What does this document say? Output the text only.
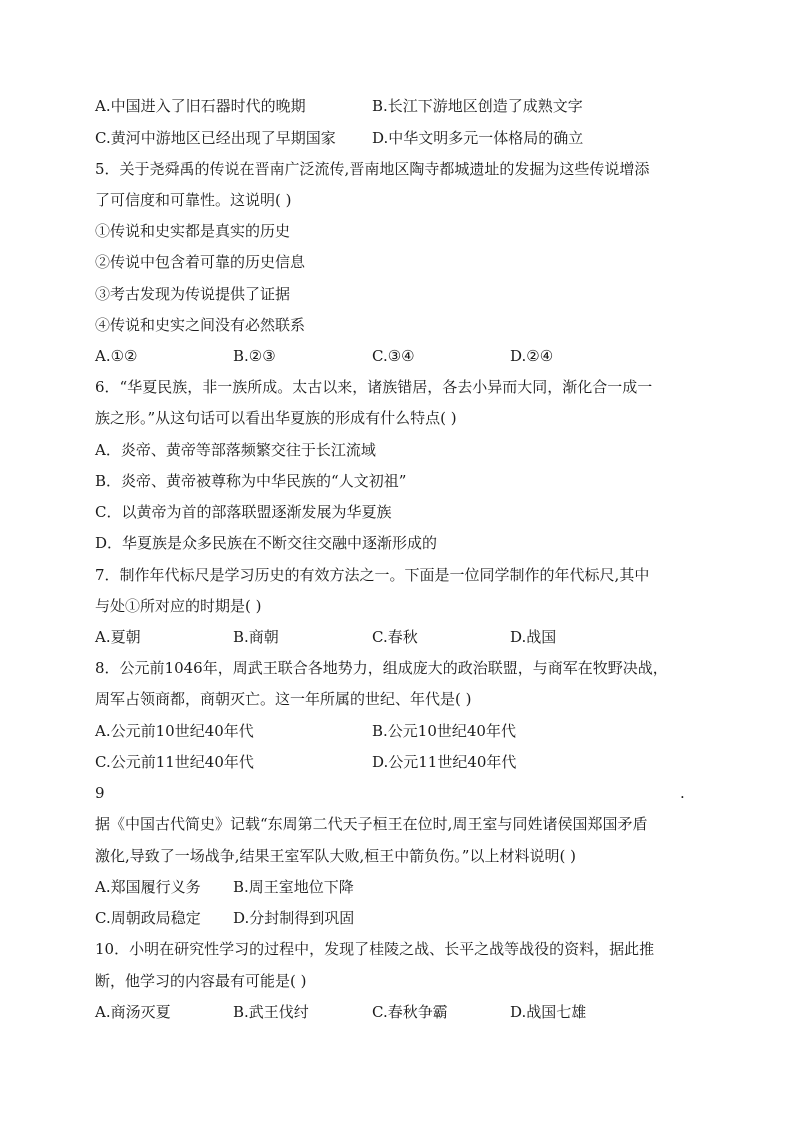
A.中国进入了旧石器时代的晚期	B.长江下游地区创造了成熟文字
C.黄河中游地区已经出现了早期国家 D.中华文明多元一体格局的确立
5．关于尧舜禹的传说在晋南广泛流传,晋南地区陶寺都城遗址的发掘为这些传说增添
了可信度和可靠性。这说明( )
①传说和史实都是真实的历史
②传说中包含着可靠的历史信息
③考古发现为传说提供了证据
④传说和史实之间没有必然联系
A.①②	B.②③	C.③④	D.②④
6．“华夏民族，非一族所成。太古以来，诸族错居，各去小异而大同，渐化合一成一
族之形。”从这句话可以看出华夏族的形成有什么特点( )
A．炎帝、黄帝等部落频繁交往于长江流域
B．炎帝、黄帝被尊称为中华民族的“人文初祖”
C．以黄帝为首的部落联盟逐渐发展为华夏族
D．华夏族是众多民族在不断交往交融中逐渐形成的
7．制作年代标尺是学习历史的有效方法之一。下面是一位同学制作的年代标尺,其中
与处①所对应的时期是( )
A.夏朝	B.商朝	C.春秋	D.战国
8．公元前1046年，周武王联合各地势力，组成庞大的政治联盟，与商军在牧野决战，
周军占领商都，商朝灭亡。这一年所属的世纪、年代是( )
A.公元前10世纪40年代	B.公元10世纪40年代
C.公元前11世纪40年代	D.公元11世纪40年代
9	.
据《中国古代简史》记载“东周第二代天子桓王在位时,周王室与同姓诸侯国郑国矛盾
激化,导致了一场战争,结果王室军队大败,桓王中箭负伤。”以上材料说明( )
A.郑国履行义务 B.周王室地位下降
C.周朝政局稳定 D.分封制得到巩固
10．小明在研究性学习的过程中，发现了桂陵之战、长平之战等战役的资料，据此推
断，他学习的内容最有可能是( )
A.商汤灭夏	B.武王伐纣	C.春秋争霸	D.战国七雄
